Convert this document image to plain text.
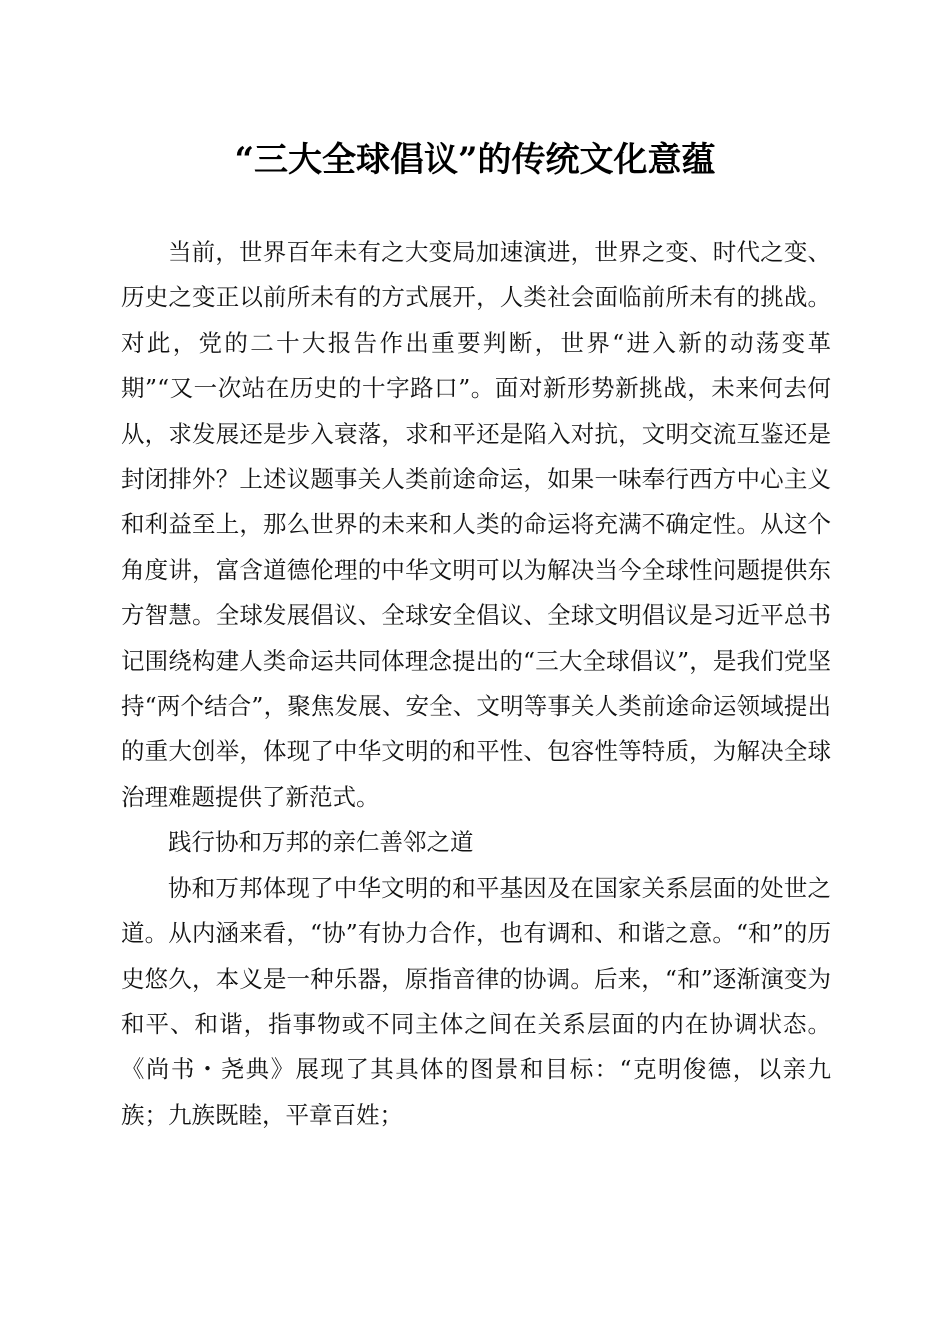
“三大全球倡议”的传统文化意蕴

当前，世界百年未有之大变局加速演进，世界之变、时代之变、历史之变正以前所未有的方式展开，人类社会面临前所未有的挑战。对此，党的二十大报告作出重要判断，世界“进入新的动荡变革期”“又一次站在历史的十字路口”。面对新形势新挑战，未来何去何从，求发展还是步入衰落，求和平还是陷入对抗，文明交流互鉴还是封闭排外？上述议题事关人类前途命运，如果一味奉行西方中心主义和利益至上，那么世界的未来和人类的命运将充满不确定性。从这个角度讲，富含道德伦理的中华文明可以为解决当今全球性问题提供东方智慧。全球发展倡议、全球安全倡议、全球文明倡议是习近平总书记围绕构建人类命运共同体理念提出的“三大全球倡议”，是我们党坚持“两个结合”，聚焦发展、安全、文明等事关人类前途命运领域提出的重大创举，体现了中华文明的和平性、包容性等特质，为解决全球治理难题提供了新范式。

践行协和万邦的亲仁善邻之道

协和万邦体现了中华文明的和平基因及在国家关系层面的处世之道。从内涵来看，“协”有协力合作，也有调和、和谐之意。“和”的历史悠久，本义是一种乐器，原指音律的协调。后来，“和”逐渐演变为和平、和谐，指事物或不同主体之间在关系层面的内在协调状态。《尚书・尧典》展现了其具体的图景和目标：“克明俊德，以亲九族；九族既睦，平章百姓；
